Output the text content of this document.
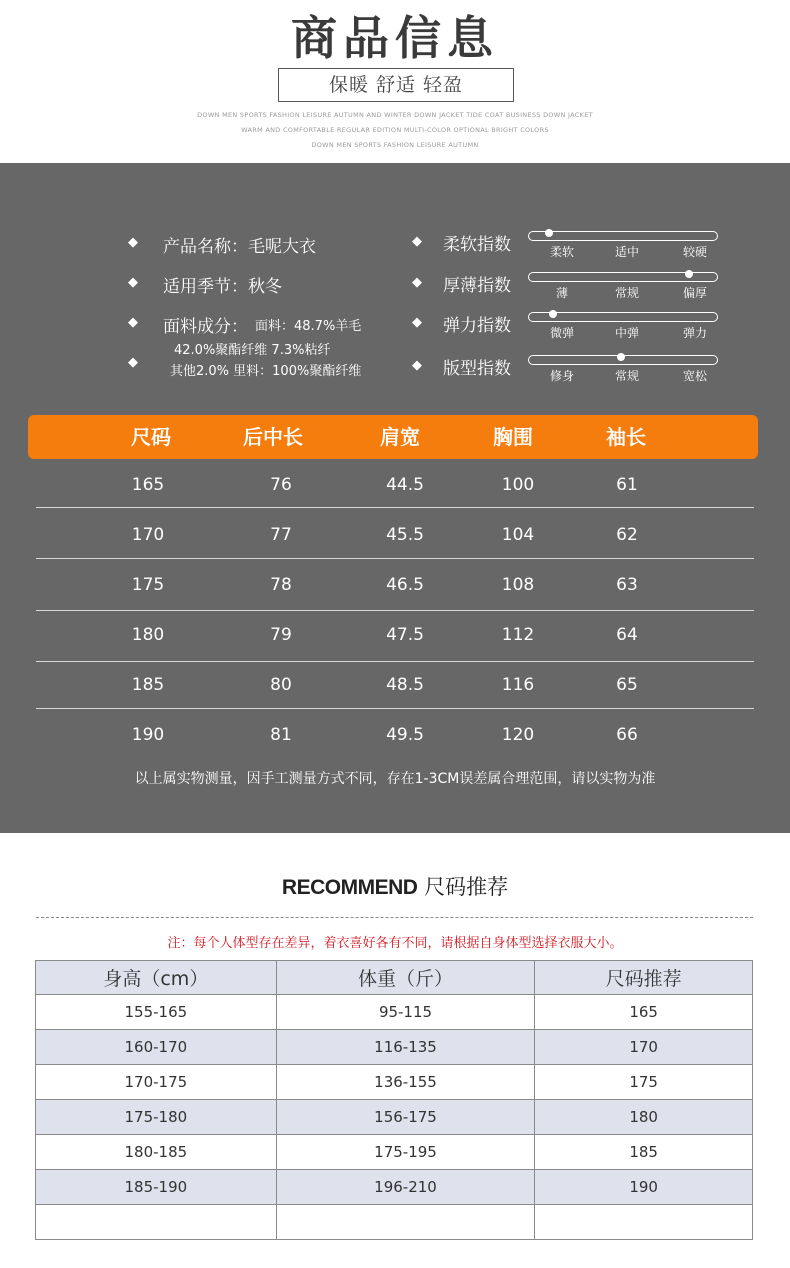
商品信息
保暖 舒适 轻盈
DOWN MEN SPORTS FASHION LEISURE AUTUMN AND WINTER DOWN JACKET TIDE COAT BUSINESS DOWN JACKET
WARM AND COMFORTABLE REGULAR EDITION MULTI-COLOR OPTIONAL BRIGHT COLORS
DOWN MEN SPORTS FASHION LEISURE AUTUMN
◆ 产品名称：毛呢大衣
◆ 适用季节：秋冬
◆ 面料成分： 面料：48.7%羊毛
42.0%聚酯纤维 7.3%粘纤
◆
其他2.0% 里料：100%聚酯纤维
◆ 柔软指数	柔软	适中	较硬
◆ 厚薄指数	薄	常规	偏厚
◆ 弹力指数	微弹	中弹	弹力
◆ 版型指数	修身	常规	宽松
尺码	后中长	肩宽	胸围	袖长
165	76	44.5	100	61
170	77	45.5	104	62
175	78	46.5	108	63
180	79	47.5	112	64
185	80	48.5	116	65
190	81	49.5	120	66
以上属实物测量，因手工测量方式不同，存在1-3CM误差属合理范围，请以实物为准
RECOMMEND 尺码推荐
注：每个人体型存在差异，着衣喜好各有不同，请根据自身体型选择衣服大小。
身高（cm）	体重（斤）	尺码推荐
155-165	95-115	165
160-170	116-135	170
170-175	136-155	175
175-180	156-175	180
180-185	175-195	185
185-190	196-210	190
